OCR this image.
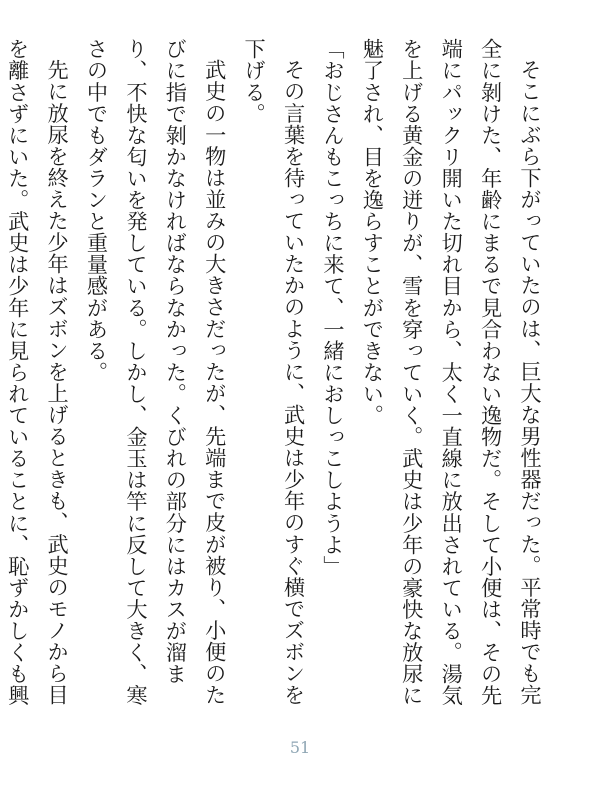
そこにぶら下がっていたのは、巨大な男性器だった。平常時でも完全に剝けた、年齢にまるで見合わない逸物だ。そして小便は、その先端にパックリ開いた切れ目から、太く一直線に放出されている。湯気を上げる黄金の迸りが、雪を穿っていく。武史は少年の豪快な放尿に魅了され、目を逸らすことができない。

「おじさんもこっちに来て、一緒におしっこしようよ」

その言葉を待っていたかのように、武史は少年のすぐ横でズボンを下げる。

武史の一物は並みの大きさだったが、先端まで皮が被り、小便のたびに指で剝かなければならなかった。くびれの部分にはカスが溜まり、不快な匂いを発している。しかし、金玉は竿に反して大きく、寒さの中でもダランと重量感がある。

先に放尿を終えた少年はズボンを上げるときも、武史のモノから目を離さずにいた。武史は少年に見られていることに、恥ずかしくも興

51
